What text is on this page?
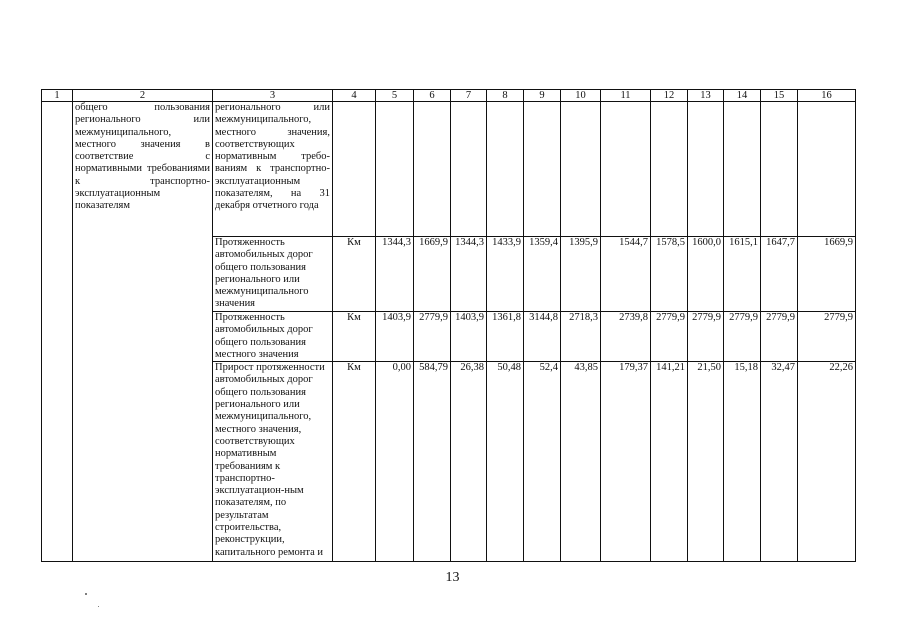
1	2	3	4	5	6	7	8	9	10	11	12	13	14	15	16
	общего пользования регионального или межмуниципального, местного значения в соответствие с нормативными требованиями к транспортно-эксплуатационным показателям	регионального или межмуниципального, местного значения, соответствующих нормативным требо-ваниям к транспортно-эксплуатационным показателям, на 31 декабря отчетного года													
		Протяженность автомобильных дорог общего пользования регионального или межмуниципального значения	Км	1344,3	1669,9	1344,3	1433,9	1359,4	1395,9	1544,7	1578,5	1600,0	1615,1	1647,7	1669,9
		Протяженность автомобильных дорог общего пользования местного значения	Км	1403,9	2779,9	1403,9	1361,8	3144,8	2718,3	2739,8	2779,9	2779,9	2779,9	2779,9	2779,9
		Прирост протяженности автомобильных дорог общего пользования регионального или межмуниципального, местного значения, соответствующих нормативным требованиям к транспортно-эксплуатацион-ным показателям, по результатам строительства, реконструкции, капитального ремонта и	Км	0,00	584,79	26,38	50,48	52,4	43,85	179,37	141,21	21,50	15,18	32,47	22,26
13
